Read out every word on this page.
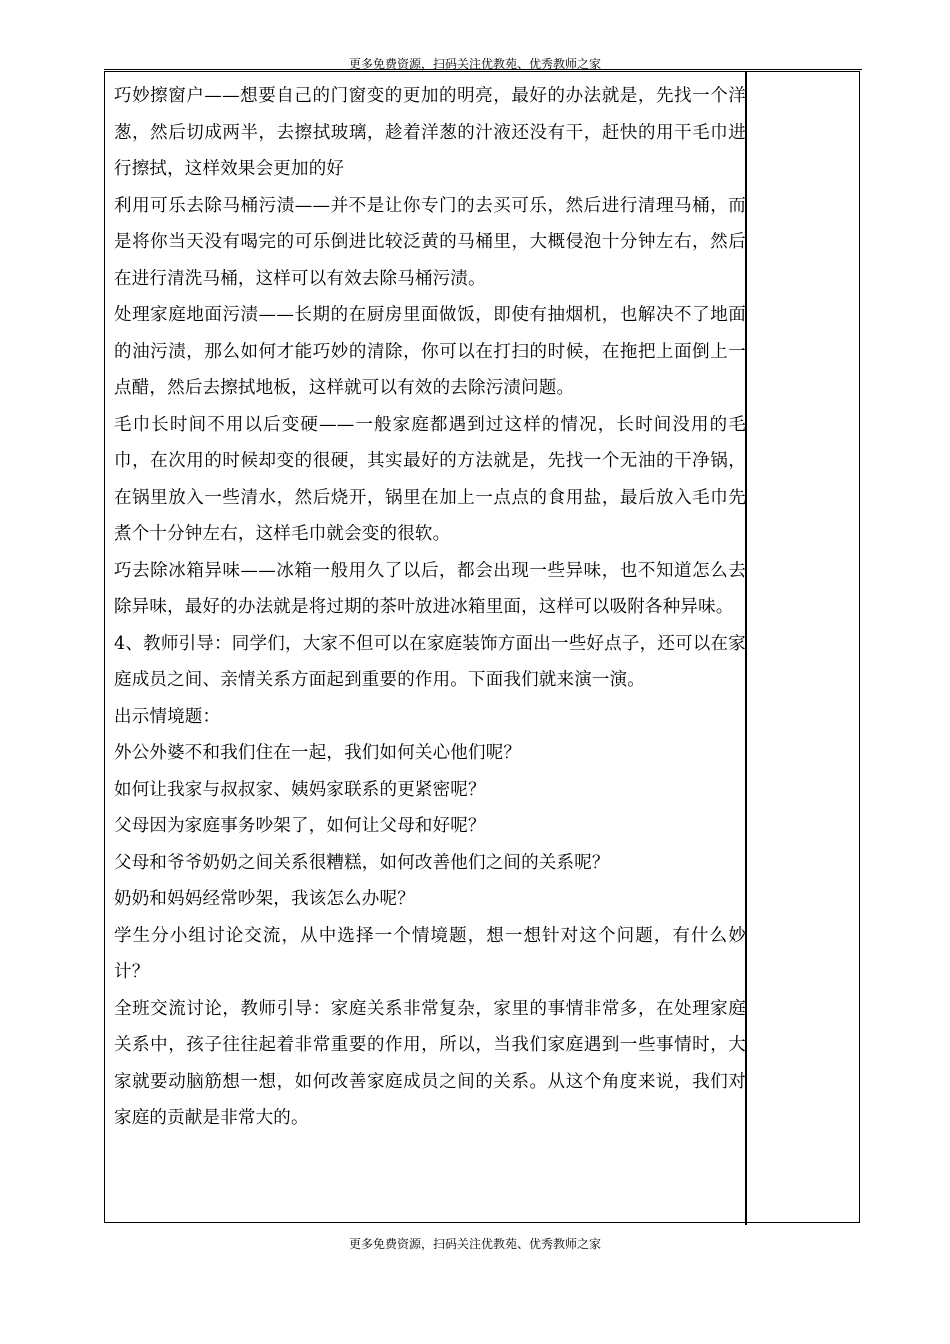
更多免费资源，扫码关注优教苑、优秀教师之家

巧妙擦窗户——想要自己的门窗变的更加的明亮，最好的办法就是，先找一个洋葱，然后切成两半，去擦拭玻璃，趁着洋葱的汁液还没有干，赶快的用干毛巾进行擦拭，这样效果会更加的好

利用可乐去除马桶污渍——并不是让你专门的去买可乐，然后进行清理马桶，而是将你当天没有喝完的可乐倒进比较泛黄的马桶里，大概侵泡十分钟左右，然后在进行清洗马桶，这样可以有效去除马桶污渍。

处理家庭地面污渍——长期的在厨房里面做饭，即使有抽烟机，也解决不了地面的油污渍，那么如何才能巧妙的清除，你可以在打扫的时候，在拖把上面倒上一点醋，然后去擦拭地板，这样就可以有效的去除污渍问题。

毛巾长时间不用以后变硬——一般家庭都遇到过这样的情况，长时间没用的毛巾，在次用的时候却变的很硬，其实最好的方法就是，先找一个无油的干净锅，在锅里放入一些清水，然后烧开，锅里在加上一点点的食用盐，最后放入毛巾先煮个十分钟左右，这样毛巾就会变的很软。

巧去除冰箱异味——冰箱一般用久了以后，都会出现一些异味，也不知道怎么去除异味，最好的办法就是将过期的茶叶放进冰箱里面，这样可以吸附各种异味。

4、教师引导：同学们，大家不但可以在家庭装饰方面出一些好点子，还可以在家庭成员之间、亲情关系方面起到重要的作用。下面我们就来演一演。

出示情境题：

外公外婆不和我们住在一起，我们如何关心他们呢？

如何让我家与叔叔家、姨妈家联系的更紧密呢？

父母因为家庭事务吵架了，如何让父母和好呢？

父母和爷爷奶奶之间关系很糟糕，如何改善他们之间的关系呢？

奶奶和妈妈经常吵架，我该怎么办呢？

学生分小组讨论交流，从中选择一个情境题，想一想针对这个问题，有什么妙计？

全班交流讨论，教师引导：家庭关系非常复杂，家里的事情非常多，在处理家庭关系中，孩子往往起着非常重要的作用，所以，当我们家庭遇到一些事情时，大家就要动脑筋想一想，如何改善家庭成员之间的关系。从这个角度来说，我们对家庭的贡献是非常大的。

更多免费资源，扫码关注优教苑、优秀教师之家
